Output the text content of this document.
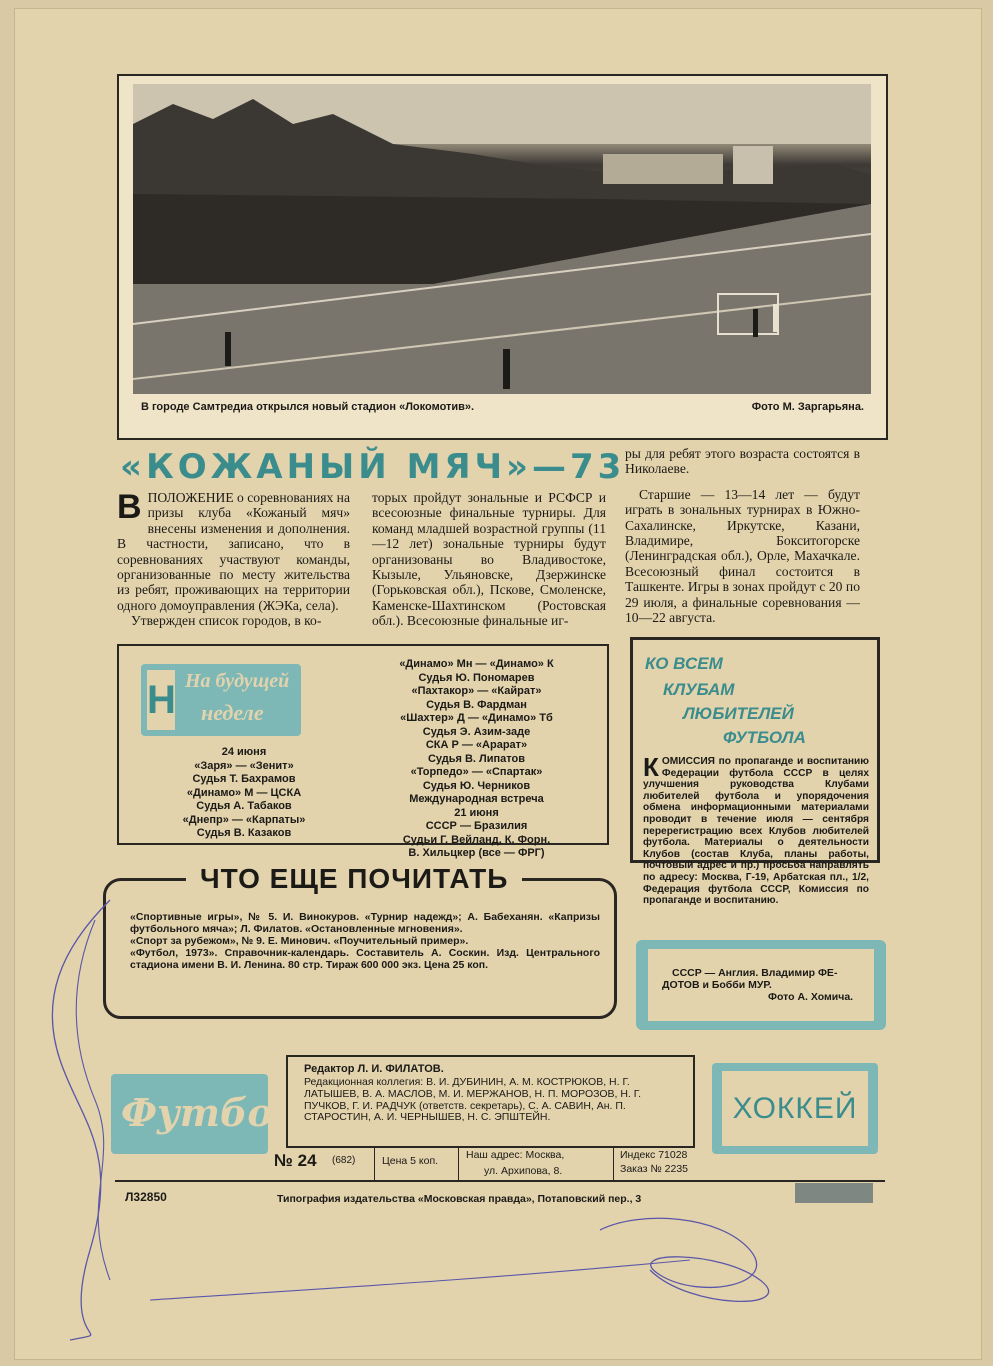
В городе Самтредиа открылся новый стадион «Локомотив».	Фото М. Заргарьяна.
«КОЖАНЫЙ МЯЧ»—73
В ПОЛОЖЕНИЕ о соревнованиях на призы клуба «Кожаный мяч» внесены изменения и дополнения. В частности, записано, что в соревнованиях участвуют команды, организованные по месту жительства из ребят, проживающих на территории одного домоуправления (ЖЭКа, села).

Утвержден список городов, в ко-

торых пройдут зональные и РСФСР и всесоюзные финальные турниры. Для команд младшей возрастной группы (11—12 лет) зональные турниры будут организованы во Владивостоке, Кызыле, Ульяновске, Дзержинске (Горьковская обл.), Пскове, Смоленске, Каменске-Шахтинском (Ростовская обл.). Всесоюзные финальные иг-

ры для ребят этого возраста состоятся в Николаеве.

Старшие — 13—14 лет — будут играть в зональных турнирах в Южно-Сахалинске, Иркутске, Казани, Владимире, Бокситогорске (Ленинградская обл.), Орле, Махачкале. Всесоюзный финал состоится в Ташкенте. Игры в зонах пройдут с 20 по 29 июля, а финальные соревнования — 10—22 августа.

Н На будущей
неделе
24 июня
«Заря» — «Зенит»
Судья Т. Бахрамов
«Динамо» М — ЦСКА
Судья А. Табаков
«Днепр» — «Карпаты»
Судья В. Казаков
«Динамо» Мн — «Динамо» К
Судья Ю. Пономарев
«Пахтакор» — «Кайрат»
Судья В. Фардман
«Шахтер» Д — «Динамо» Тб
Судья Э. Азим-заде
СКА Р — «Арарат»
Судья В. Липатов
«Торпедо» — «Спартак»
Судья Ю. Черников
Международная встреча
21 июня
СССР — Бразилия
Судьи Г. Вейланд, К. Форн,
В. Хильцкер (все — ФРГ)
КО ВСЕМ
КЛУБАМ
ЛЮБИТЕЛЕЙ
ФУТБОЛА
К ОМИССИЯ по пропаганде и воспитанию Федерации футбола СССР в целях улучшения руководства Клубами любителей футбола и упорядочения обмена информационными материалами проводит в течение июля — сентября перерегистрацию всех Клубов любителей футбола. Материалы о деятельности Клубов (состав Клуба, планы работы, почтовый адрес и пр.) просьба направлять по адресу: Москва, Г-19, Арбатская пл., 1/2, Федерация футбола СССР, Комиссия по пропаганде и воспитанию.
ЧТО ЕЩЕ ПОЧИТАТЬ
«Спортивные игры», № 5. И. Винокуров. «Турнир надежд»; А. Бабеханян. «Капризы футбольного мяча»; Л. Филатов. «Остановленные мгновения».
«Спорт за рубежом», № 9. Е. Минович. «Поучительный пример».
«Футбол, 1973». Справочник-календарь. Составитель А. Соскин. Изд. Центрального стадиона имени В. И. Ленина. 80 стр. Тираж 600 000 экз. Цена 25 коп.
СССР — Англия. Владимир ФЕ-
ДОТОВ и Бобби МУР.
Фото А. Хомича.
Футбол
Редактор Л. И. ФИЛАТОВ.
Редакционная коллегия: В. И. ДУБИНИН, А. М. КОСТРЮКОВ, Н. Г. ЛАТЫШЕВ, В. А. МАСЛОВ, М. И. МЕРЖАНОВ, Н. П. МОРОЗОВ, Н. Г. ПУЧКОВ, Г. И. РАДЧУК (ответств. секретарь), С. А. САВИН, Ан. П. СТАРОСТИН, А. И. ЧЕРНЫШЕВ, Н. С. ЭПШТЕЙН.	ХОККЕЙ
№ 24 (682)	Цена 5 коп.	Наш адрес: Москва,
ул. Архипова, 8.
Индекс 71028
Заказ № 2235
Л32850	Типография издательства «Московская правда», Потаповский пер., 3
